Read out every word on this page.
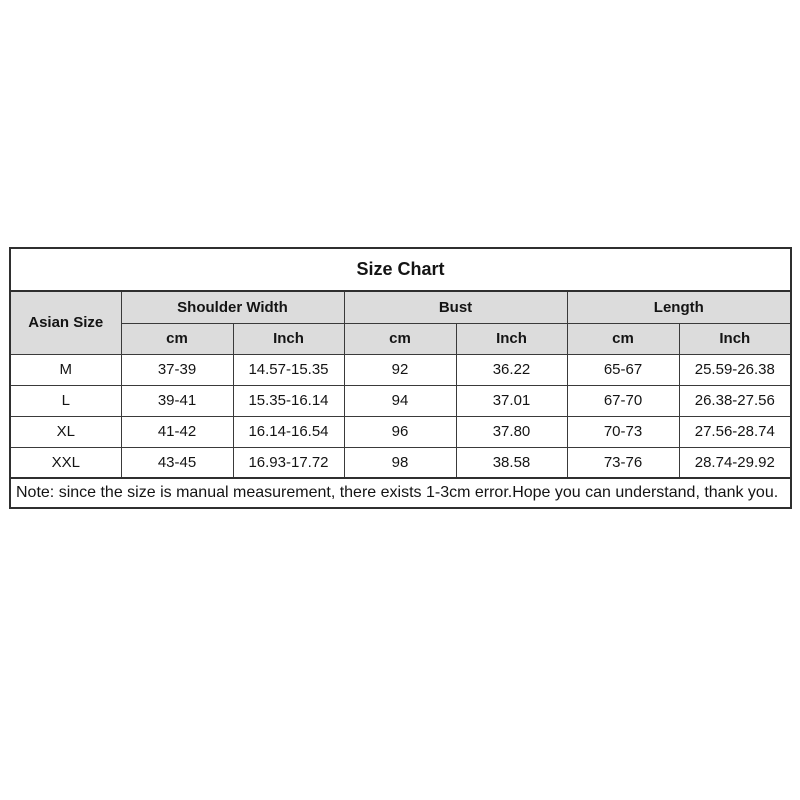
Size Chart						
Asian Size	Shoulder Width		Bust		Length	
	cm	Inch	cm	Inch	cm	Inch
M	37-39	14.57-15.35	92	36.22	65-67	25.59-26.38
L	39-41	15.35-16.14	94	37.01	67-70	26.38-27.56
XL	41-42	16.14-16.54	96	37.80	70-73	27.56-28.74
XXL	43-45	16.93-17.72	98	38.58	73-76	28.74-29.92
Note: since the size is manual measurement, there exists 1-3cm error.Hope you can understand, thank you.						
